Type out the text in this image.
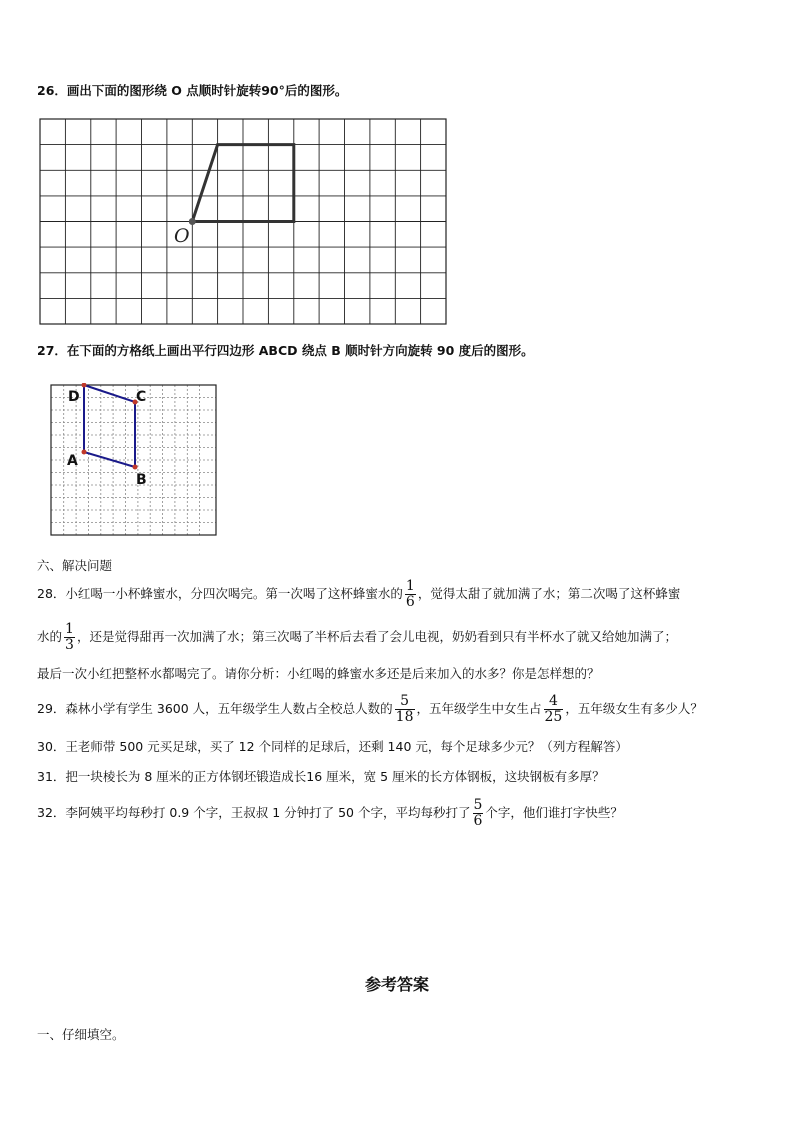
26．画出下面的图形绕 O 点顺时针旋转90°后的图形。
O
27．在下面的方格纸上画出平行四边形 ABCD 绕点 B 顺时针方向旋转 90 度后的图形。
D	C
A
B
六、解决问题
28．小红喝一小杯蜂蜜水，分四次喝完。第一次喝了这杯蜂蜜水的 $\frac{1}{6}$ ，觉得太甜了就加满了水；第二次喝了这杯蜂蜜
水的 $\frac{1}{3}$ ，还是觉得甜再一次加满了水；第三次喝了半杯后去看了会儿电视，奶奶看到只有半杯水了就又给她加满了；
最后一次小红把整杯水都喝完了。请你分析：小红喝的蜂蜜水多还是后来加入的水多？你是怎样想的？
29．森林小学有学生 3600 人，五年级学生人数占全校总人数的 $\frac{5}{18}$ ，五年级学生中女生占 $\frac{4}{25}$ ，五年级女生有多少人？
30．王老师带 500 元买足球，买了 12 个同样的足球后，还剩 140 元，每个足球多少元？（列方程解答）
31．把一块棱长为 8 厘米的正方体钢坯锻造成长16 厘米，宽 5 厘米的长方体钢板，这块钢板有多厚？
32．李阿姨平均每秒打 0.9 个字，王叔叔 1 分钟打了 50 个字，平均每秒打了 $\frac{5}{6}$ 个字，他们谁打字快些？
参考答案
一、仔细填空。
